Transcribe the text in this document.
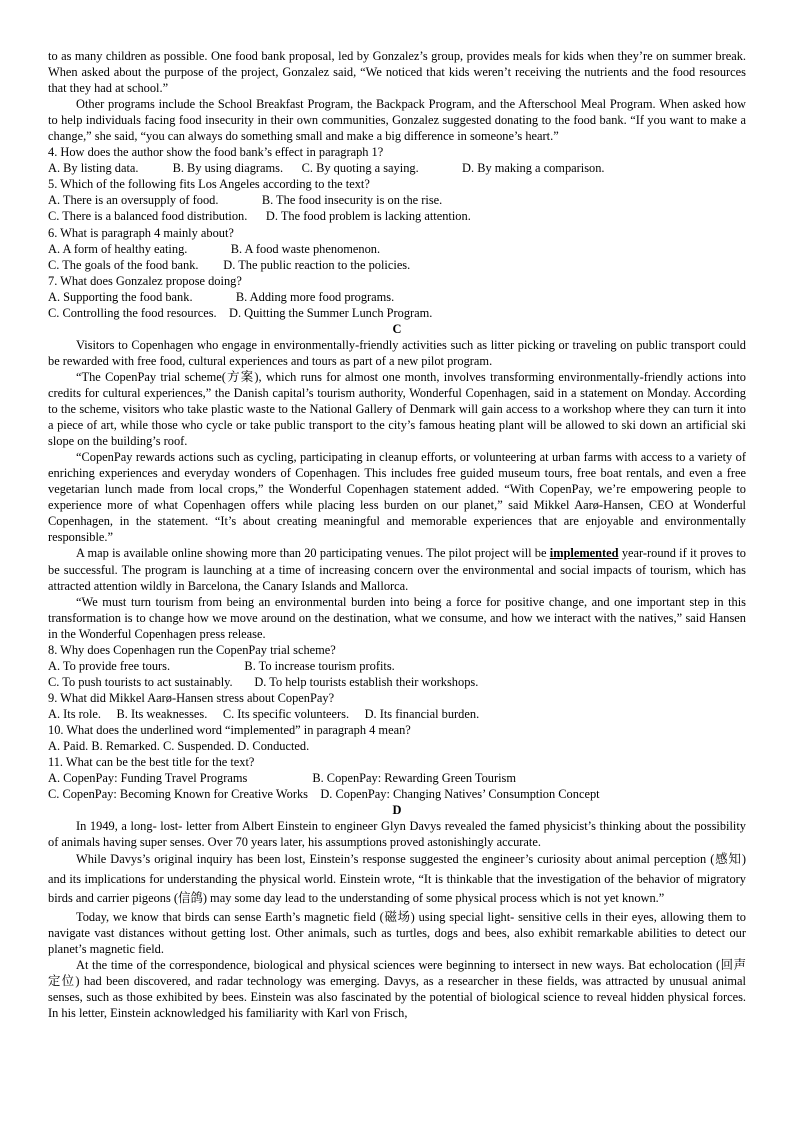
to as many children as possible. One food bank proposal, led by Gonzalez’s group, provides meals for kids when they’re on summer break. When asked about the purpose of the project, Gonzalez said, “We noticed that kids weren’t receiving the nutrients and the food resources that they had at school.”

Other programs include the School Breakfast Program, the Backpack Program, and the Afterschool Meal Program. When asked how to help individuals facing food insecurity in their own communities, Gonzalez suggested donating to the food bank. “If you want to make a change,” she said, “you can always do something small and make a big difference in someone’s heart.”

4. How does the author show the food bank’s effect in paragraph 1?

A. By listing data.           B. By using diagrams.      C. By quoting a saying.              D. By making a comparison.

5. Which of the following fits Los Angeles according to the text?

A. There is an oversupply of food.              B. The food insecurity is on the rise.

C. There is a balanced food distribution.      D. The food problem is lacking attention.

6. What is paragraph 4 mainly about?

A. A form of healthy eating.              B. A food waste phenomenon.

C. The goals of the food bank.        D. The public reaction to the policies.

7. What does Gonzalez propose doing?

A. Supporting the food bank.              B. Adding more food programs.

C. Controlling the food resources.    D. Quitting the Summer Lunch Program.

C

Visitors to Copenhagen who engage in environmentally-friendly activities such as litter picking or traveling on public transport could be rewarded with free food, cultural experiences and tours as part of a new pilot program.

“The CopenPay trial scheme(方案), which runs for almost one month, involves transforming environmentally-friendly actions into credits for cultural experiences,” the Danish capital’s tourism authority, Wonderful Copenhagen, said in a statement on Monday. According to the scheme, visitors who take plastic waste to the National Gallery of Denmark will gain access to a workshop where they can turn it into a piece of art, while those who cycle or take public transport to the city’s famous heating plant will be allowed to ski down an artificial ski slope on the building’s roof.

“CopenPay rewards actions such as cycling, participating in cleanup efforts, or volunteering at urban farms with access to a variety of enriching experiences and everyday wonders of Copenhagen. This includes free guided museum tours, free boat rentals, and even a free vegetarian lunch made from local crops,” the Wonderful Copenhagen statement added. “With CopenPay, we’re empowering people to experience more of what Copenhagen offers while placing less burden on our planet,” said Mikkel Aarø-Hansen, CEO at Wonderful Copenhagen, in the statement. “It’s about creating meaningful and memorable experiences that are enjoyable and environmentally responsible.”

A map is available online showing more than 20 participating venues. The pilot project will be implemented year-round if it proves to be successful. The program is launching at a time of increasing concern over the environmental and social impacts of tourism, which has attracted attention wildly in Barcelona, the Canary Islands and Mallorca.

“We must turn tourism from being an environmental burden into being a force for positive change, and one important step in this transformation is to change how we move around on the destination, what we consume, and how we interact with the natives,” said Hansen in the Wonderful Copenhagen press release.

8. Why does Copenhagen run the CopenPay trial scheme?

A. To provide free tours.                        B. To increase tourism profits.

C. To push tourists to act sustainably.       D. To help tourists establish their workshops.

9. What did Mikkel Aarø-Hansen stress about CopenPay?

A. Its role.     B. Its weaknesses.     C. Its specific volunteers.     D. Its financial burden.

10. What does the underlined word “implemented” in paragraph 4 mean?

A. Paid. B. Remarked. C. Suspended. D. Conducted.

11. What can be the best title for the text?

A. CopenPay: Funding Travel Programs                     B. CopenPay: Rewarding Green Tourism

C. CopenPay: Becoming Known for Creative Works    D. CopenPay: Changing Natives’ Consumption Concept

D

In 1949, a long- lost- letter from Albert Einstein to engineer Glyn Davys revealed the famed physicist’s thinking about the possibility of animals having super senses. Over 70 years later, his assumptions proved astonishingly accurate.

While Davys’s original inquiry has been lost, Einstein’s response suggested the engineer’s curiosity about animal perception (感知) and its implications for understanding the physical world. Einstein wrote, “It is thinkable that the investigation of the behavior of migratory birds and carrier pigeons (信鸽) may some day lead to the understanding of some physical process which is not yet known.”

Today, we know that birds can sense Earth’s magnetic field (磁场) using special light- sensitive cells in their eyes, allowing them to navigate vast distances without getting lost. Other animals, such as turtles, dogs and bees, also exhibit remarkable abilities to detect our planet’s magnetic field.

At the time of the correspondence, biological and physical sciences were beginning to intersect in new ways. Bat echolocation (回声定位) had been discovered, and radar technology was emerging. Davys, as a researcher in these fields, was attracted by unusual animal senses, such as those exhibited by bees. Einstein was also fascinated by the potential of biological science to reveal hidden physical forces. In his letter, Einstein acknowledged his familiarity with Karl von Frisch,
